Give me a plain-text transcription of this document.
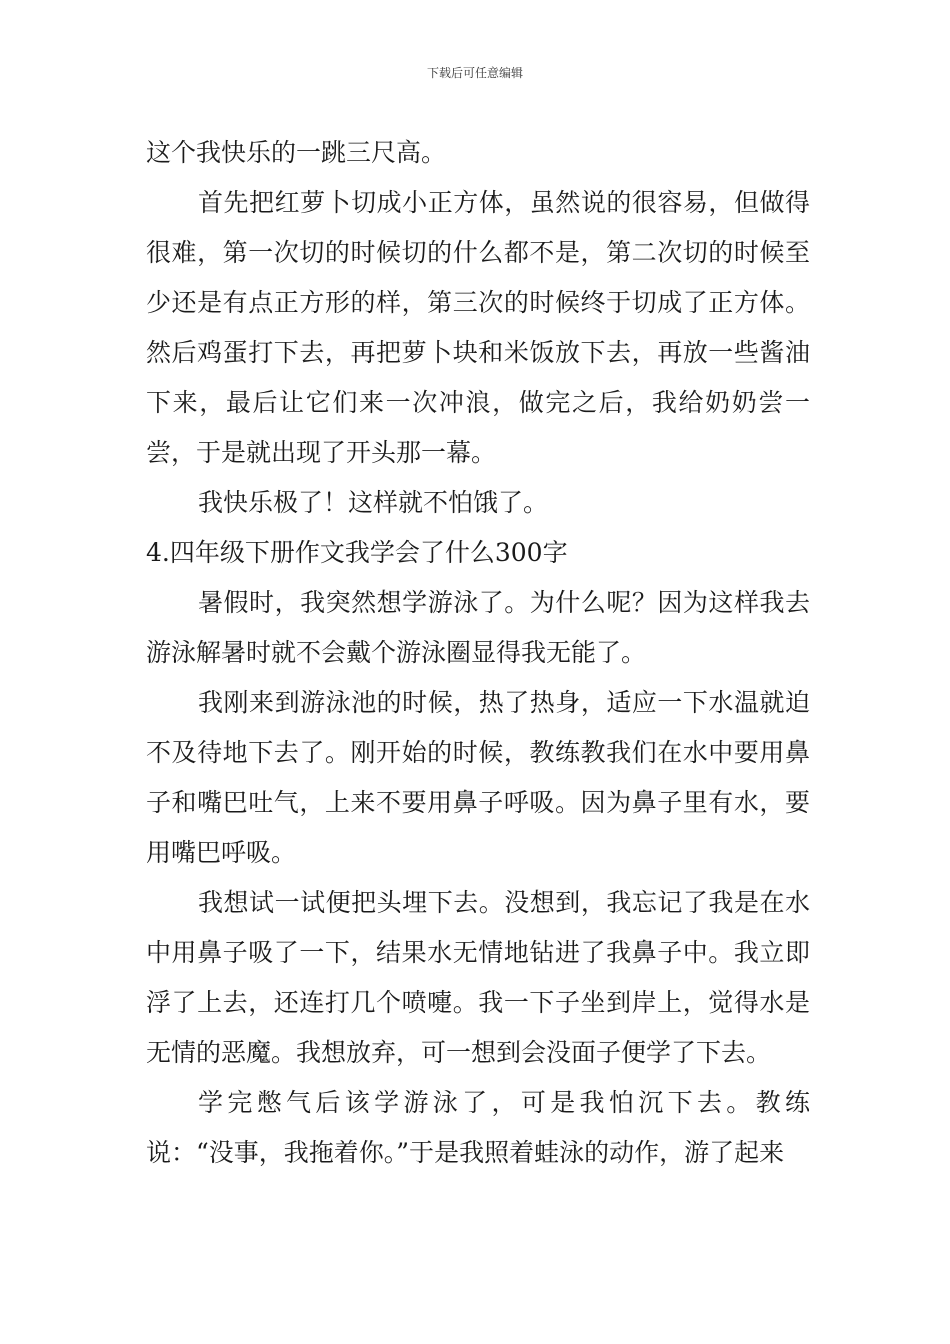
下载后可任意编辑

这个我快乐的一跳三尺高。

首先把红萝卜切成小正方体，虽然说的很容易，但做得很难，第一次切的时候切的什么都不是，第二次切的时候至少还是有点正方形的样，第三次的时候终于切成了正方体。然后鸡蛋打下去，再把萝卜块和米饭放下去，再放一些酱油下来，最后让它们来一次冲浪，做完之后，我给奶奶尝一尝，于是就出现了开头那一幕。

我快乐极了！这样就不怕饿了。

4.四年级下册作文我学会了什么300字

暑假时，我突然想学游泳了。为什么呢？因为这样我去游泳解暑时就不会戴个游泳圈显得我无能了。

我刚来到游泳池的时候，热了热身，适应一下水温就迫不及待地下去了。刚开始的时候，教练教我们在水中要用鼻子和嘴巴吐气，上来不要用鼻子呼吸。因为鼻子里有水，要用嘴巴呼吸。

我想试一试便把头埋下去。没想到，我忘记了我是在水中用鼻子吸了一下，结果水无情地钻进了我鼻子中。我立即浮了上去，还连打几个喷嚏。我一下子坐到岸上，觉得水是无情的恶魔。我想放弃，可一想到会没面子便学了下去。

学完憋气后该学游泳了，可是我怕沉下去。教练说：“没事，我拖着你。”于是我照着蛙泳的动作，游了起来
